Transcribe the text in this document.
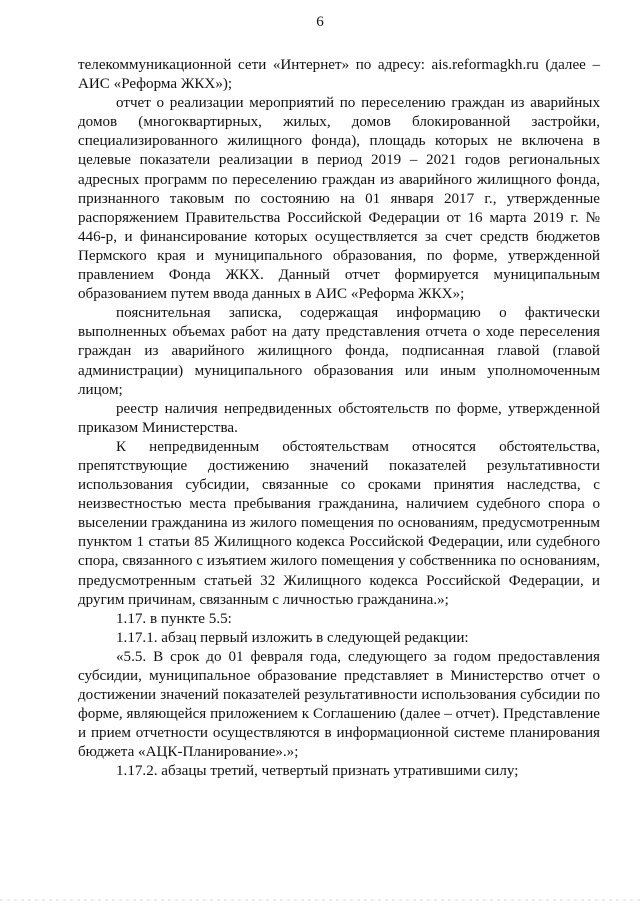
6

телекоммуникационной сети «Интернет» по адресу: ais.reformagkh.ru (далее – АИС «Реформа ЖКХ»);

отчет о реализации мероприятий по переселению граждан из аварийных домов (многоквартирных, жилых, домов блокированной застройки, специализированного жилищного фонда), площадь которых не включена в целевые показатели реализации в период 2019 – 2021 годов региональных адресных программ по переселению граждан из аварийного жилищного фонда, признанного таковым по состоянию на 01 января 2017 г., утвержденные распоряжением Правительства Российской Федерации от 16 марта 2019 г. № 446-р, и финансирование которых осуществляется за счет средств бюджетов Пермского края и муниципального образования, по форме, утвержденной правлением Фонда ЖКХ. Данный отчет формируется муниципальным образованием путем ввода данных в АИС «Реформа ЖКХ»;

пояснительная записка, содержащая информацию о фактически выполненных объемах работ на дату представления отчета о ходе переселения граждан из аварийного жилищного фонда, подписанная главой (главой администрации) муниципального образования или иным уполномоченным лицом;

реестр наличия непредвиденных обстоятельств по форме, утвержденной приказом Министерства.

К непредвиденным обстоятельствам относятся обстоятельства, препятствующие достижению значений показателей результативности использования субсидии, связанные со сроками принятия наследства, с неизвестностью места пребывания гражданина, наличием судебного спора о выселении гражданина из жилого помещения по основаниям, предусмотренным пунктом 1 статьи 85 Жилищного кодекса Российской Федерации, или судебного спора, связанного с изъятием жилого помещения у собственника по основаниям, предусмотренным статьей 32 Жилищного кодекса Российской Федерации, и другим причинам, связанным с личностью гражданина.»;

1.17. в пункте 5.5:

1.17.1. абзац первый изложить в следующей редакции:

«5.5. В срок до 01 февраля года, следующего за годом предоставления субсидии, муниципальное образование представляет в Министерство отчет о достижении значений показателей результативности использования субсидии по форме, являющейся приложением к Соглашению (далее – отчет). Представление и прием отчетности осуществляются в информационной системе планирования бюджета «АЦК-Планирование».»;

1.17.2. абзацы третий, четвертый признать утратившими силу;
